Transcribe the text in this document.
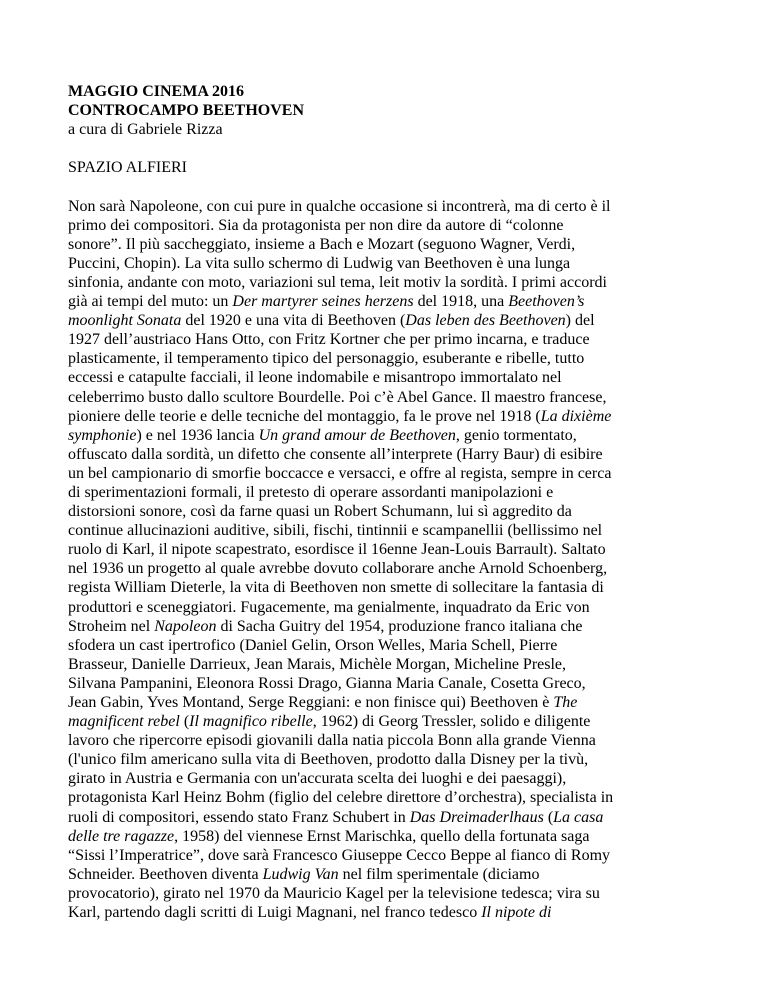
MAGGIO CINEMA 2016
CONTROCAMPO BEETHOVEN
a cura di Gabriele Rizza
SPAZIO ALFIERI
Non sarà Napoleone, con cui pure in qualche occasione si incontrerà, ma di certo è il
primo dei compositori. Sia da protagonista per non dire da autore di “colonne
sonore”. Il più saccheggiato, insieme a Bach e Mozart (seguono Wagner, Verdi,
Puccini, Chopin). La vita sullo schermo di Ludwig van Beethoven è una lunga
sinfonia, andante con moto, variazioni sul tema, leit motiv la sordità. I primi accordi
già ai tempi del muto: un Der martyrer seines herzens del 1918, una Beethoven’s
moonlight Sonata del 1920 e una vita di Beethoven (Das leben des Beethoven) del
1927 dell’austriaco Hans Otto, con Fritz Kortner che per primo incarna, e traduce
plasticamente, il temperamento tipico del personaggio, esuberante e ribelle, tutto
eccessi e catapulte facciali, il leone indomabile e misantropo immortalato nel
celeberrimo busto dallo scultore Bourdelle. Poi c’è Abel Gance. Il maestro francese,
pioniere delle teorie e delle tecniche del montaggio, fa le prove nel 1918 (La dixième
symphonie) e nel 1936 lancia Un grand amour de Beethoven, genio tormentato,
offuscato dalla sordità, un difetto che consente all’interprete (Harry Baur) di esibire
un bel campionario di smorfie boccacce e versacci, e offre al regista, sempre in cerca
di sperimentazioni formali, il pretesto di operare assordanti manipolazioni e
distorsioni sonore, così da farne quasi un Robert Schumann, lui sì aggredito da
continue allucinazioni auditive, sibili, fischi, tintinnii e scampanellii (bellissimo nel
ruolo di Karl, il nipote scapestrato, esordisce il 16enne Jean-Louis Barrault). Saltato
nel 1936 un progetto al quale avrebbe dovuto collaborare anche Arnold Schoenberg,
regista William Dieterle, la vita di Beethoven non smette di sollecitare la fantasia di
produttori e sceneggiatori. Fugacemente, ma genialmente, inquadrato da Eric von
Stroheim nel Napoleon di Sacha Guitry del 1954, produzione franco italiana che
sfodera un cast ipertrofico (Daniel Gelin, Orson Welles, Maria Schell, Pierre
Brasseur, Danielle Darrieux, Jean Marais, Michèle Morgan, Micheline Presle,
Silvana Pampanini, Eleonora Rossi Drago, Gianna Maria Canale, Cosetta Greco,
Jean Gabin, Yves Montand, Serge Reggiani: e non finisce qui) Beethoven è The
magnificent rebel (Il magnifico ribelle, 1962) di Georg Tressler, solido e diligente
lavoro che ripercorre episodi giovanili dalla natia piccola Bonn alla grande Vienna
(l'unico film americano sulla vita di Beethoven, prodotto dalla Disney per la tivù,
girato in Austria e Germania con un'accurata scelta dei luoghi e dei paesaggi),
protagonista Karl Heinz Bohm (figlio del celebre direttore d’orchestra), specialista in
ruoli di compositori, essendo stato Franz Schubert in Das Dreimaderlhaus (La casa
delle tre ragazze, 1958) del viennese Ernst Marischka, quello della fortunata saga
“Sissi l’Imperatrice”, dove sarà Francesco Giuseppe Cecco Beppe al fianco di Romy
Schneider. Beethoven diventa Ludwig Van nel film sperimentale (diciamo
provocatorio), girato nel 1970 da Mauricio Kagel per la televisione tedesca; vira su
Karl, partendo dagli scritti di Luigi Magnani, nel franco tedesco Il nipote di
